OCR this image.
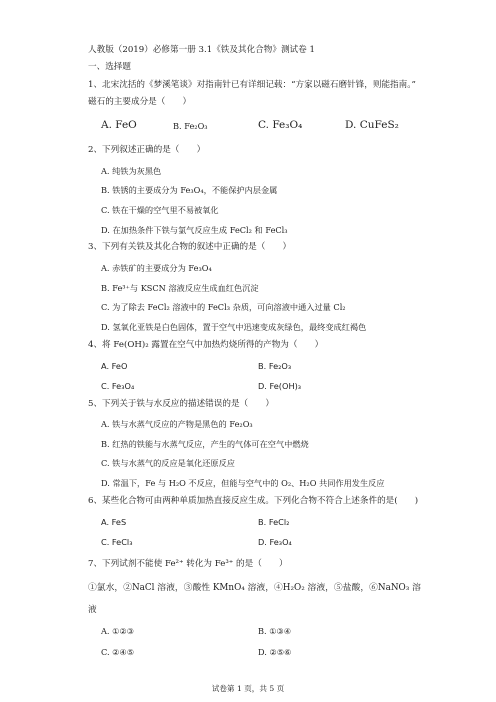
人教版（2019）必修第一册 3.1《铁及其化合物》测试卷 1
一、选择题
1、北宋沈括的《梦溪笔谈》对指南针已有详细记载：“方家以磁石磨针锋，则能指南。”
磁石的主要成分是（　　）
A. FeO	B. Fe₂O₃	C. Fe₃O₄	D. CuFeS₂
2、下列叙述正确的是（　　）
A. 纯铁为灰黑色
B. 铁锈的主要成分为 Fe₃O₄，不能保护内层金属
C. 铁在干燥的空气里不易被氧化
D. 在加热条件下铁与氯气反应生成 FeCl₂ 和 FeCl₃
3、下列有关铁及其化合物的叙述中正确的是（　　）
A. 赤铁矿的主要成分为 Fe₃O₄
B. Fe³⁺与 KSCN 溶液反应生成血红色沉淀
C. 为了除去 FeCl₂ 溶液中的 FeCl₃ 杂质，可向溶液中通入过量 Cl₂
D. 氢氧化亚铁是白色固体，置于空气中迅速变成灰绿色，最终变成红褐色
4、将 Fe(OH)₂ 露置在空气中加热灼烧所得的产物为（　　）
A. FeO	B. Fe₂O₃
C. Fe₃O₄	D. Fe(OH)₃
5、下列关于铁与水反应的描述错误的是（　　）
A. 铁与水蒸气反应的产物是黑色的 Fe₂O₃
B. 红热的铁能与水蒸气反应，产生的气体可在空气中燃烧
C. 铁与水蒸气的反应是氧化还原反应
D. 常温下，Fe 与 H₂O 不反应，但能与空气中的 O₂、H₂O 共同作用发生反应
6、某些化合物可由两种单质加热直接反应生成。下列化合物不符合上述条件的是(　　)
A. FeS	B. FeCl₂
C. FeCl₃	D. Fe₃O₄
7、下列试剂不能使 Fe²⁺ 转化为 Fe³⁺ 的是（　　）
①氯水，②NaCl 溶液，③酸性 KMnO₄ 溶液，④H₂O₂ 溶液，⑤盐酸，⑥NaNO₃ 溶
液
A. ①②③	B. ①③④
C. ②④⑤	D. ②⑤⑥
试卷第 1 页，共 5 页
